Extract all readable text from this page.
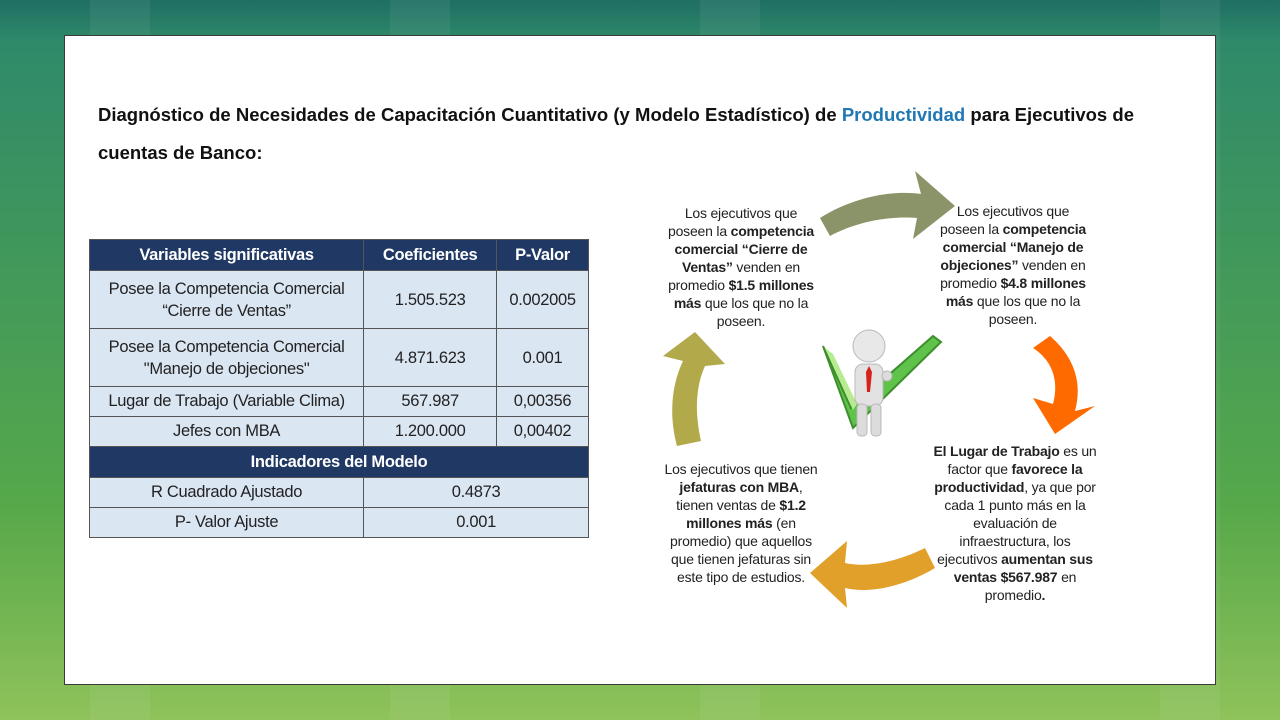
Diagnóstico de Necesidades de Capacitación Cuantitativo (y Modelo Estadístico) de Productividad para Ejecutivos de cuentas de Banco:
Variables significativas	Coeficientes	P-Valor
Posee la Competencia Comercial
“Cierre de Ventas”	1.505.523	0.002005
Posee la Competencia Comercial
"Manejo de objeciones"	4.871.623	0.001
Lugar de Trabajo (Variable Clima)	567.987	0,00356
Jefes con MBA	1.200.000	0,00402
Indicadores del Modelo		
R Cuadrado Ajustado	0.4873	
P- Valor Ajuste	0.001	
Los ejecutivos que poseen la competencia comercial “Cierre de Ventas” venden en promedio $1.5 millones más que los que no la poseen.
Los ejecutivos que poseen la competencia comercial “Manejo de objeciones” venden en promedio $4.8 millones más que los que no la poseen.
El Lugar de Trabajo es un factor que favorece la productividad, ya que por cada 1 punto más en la evaluación de infraestructura, los ejecutivos aumentan sus ventas $567.987 en promedio.
Los ejecutivos que tienen jefaturas con MBA, tienen ventas de $1.2 millones más (en promedio) que aquellos que tienen jefaturas sin este tipo de estudios.
